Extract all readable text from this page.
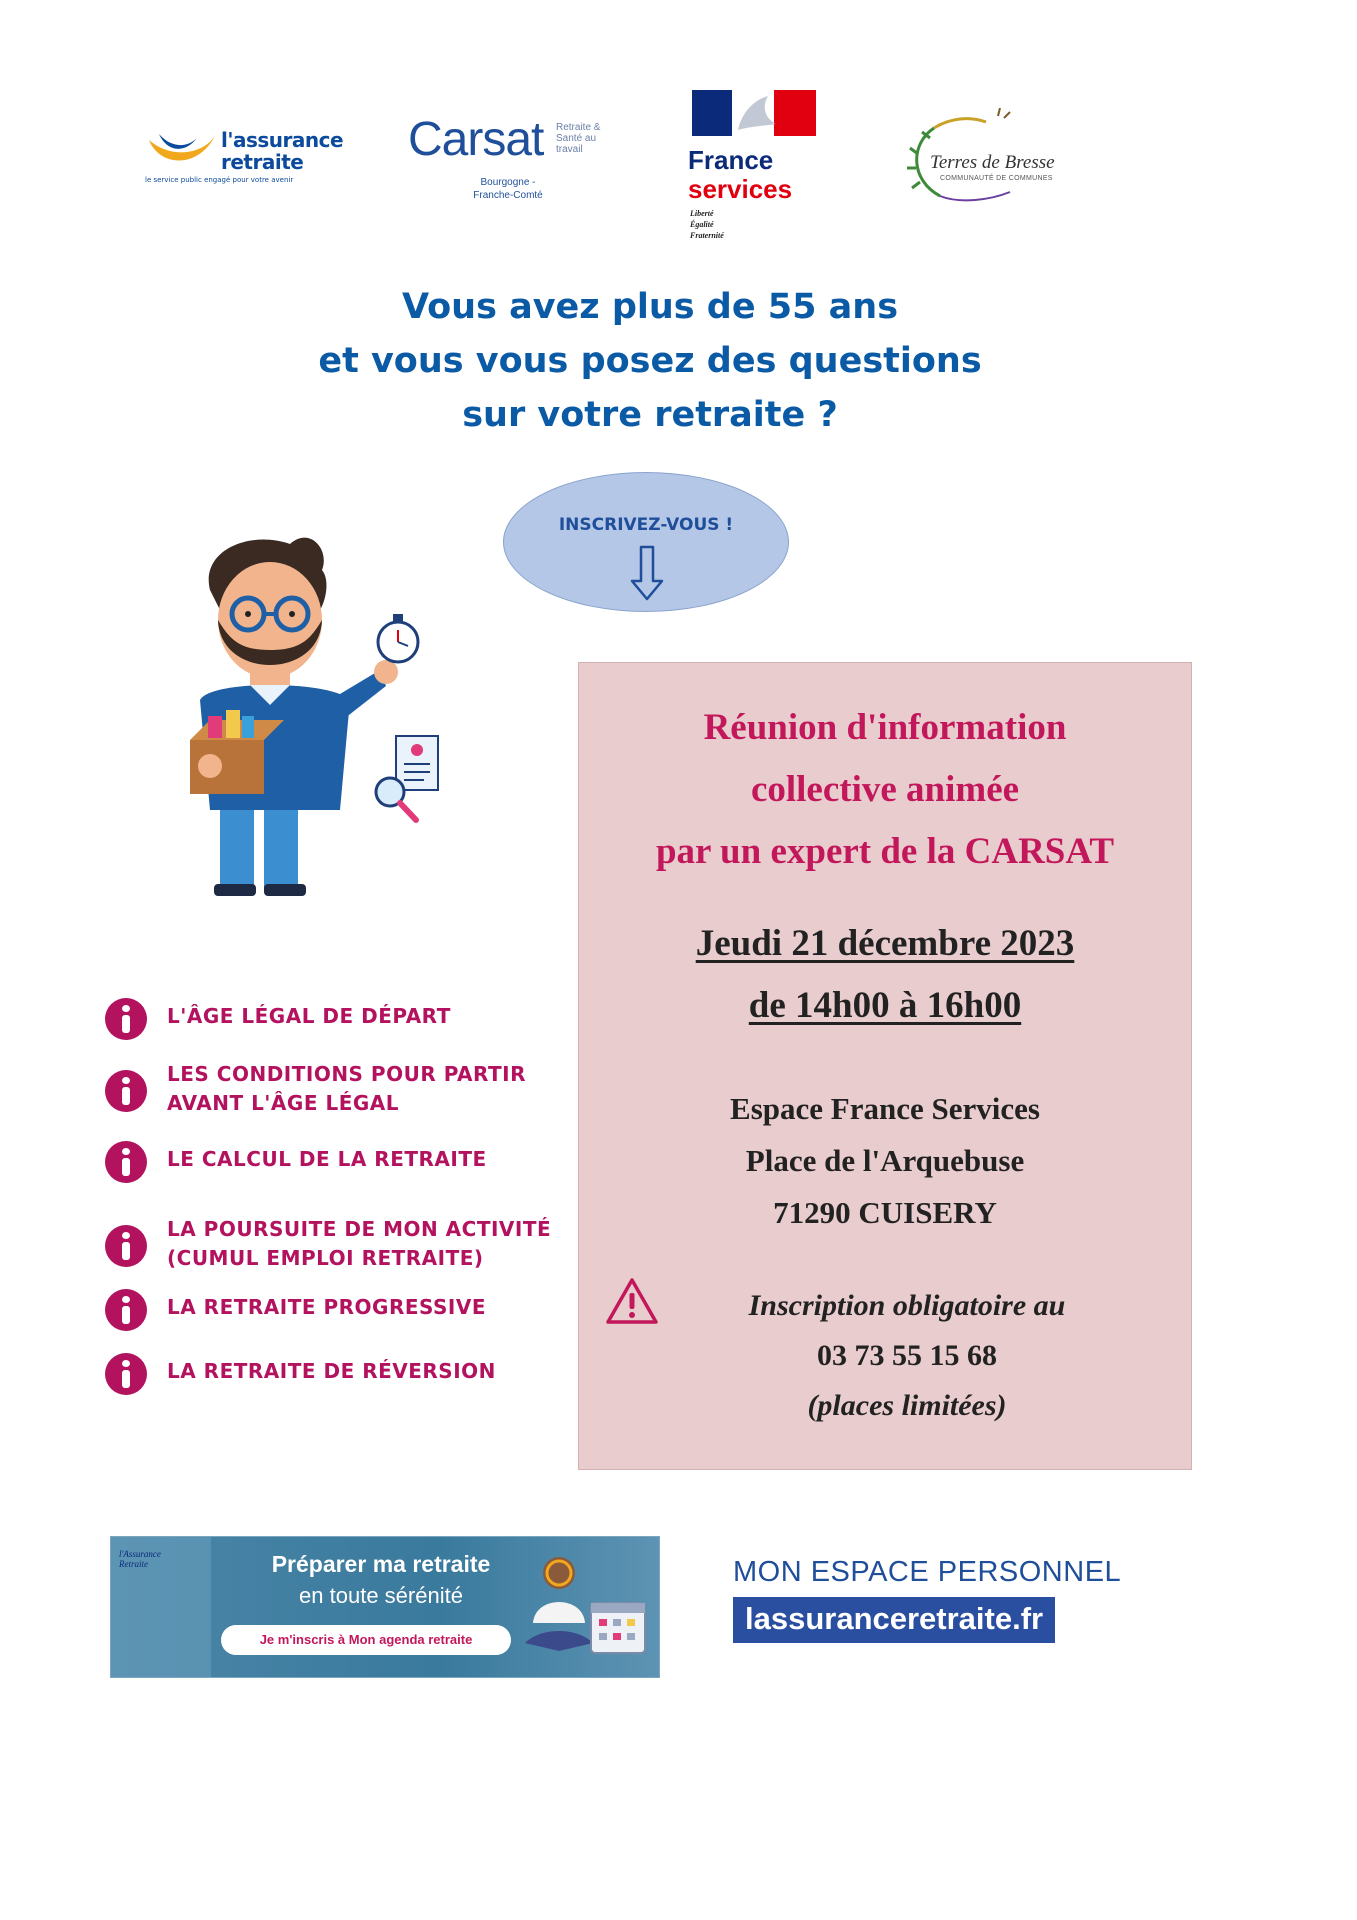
l'assurance
retraite
le service public engagé pour votre avenir
Carsat Retraite & Santé au travail
Bourgogne -
Franche-Comté
France
services
Liberté
Égalité
Fraternité
Terres de Bresse
COMMUNAUTÉ DE COMMUNES
Vous avez plus de 55 ans
et vous vous posez des questions
sur votre retraite ?
INSCRIVEZ-VOUS !
Réunion d'information
collective animée
par un expert de la CARSAT
Jeudi 21 décembre 2023
de 14h00 à 16h00
Espace France Services
Place de l'Arquebuse
71290 CUISERY
Inscription obligatoire au
03 73 55 15 68
(places limitées)
L'ÂGE LÉGAL DE DÉPART
LES CONDITIONS POUR PARTIR
AVANT L'ÂGE LÉGAL
LE CALCUL DE LA RETRAITE
LA POURSUITE DE MON ACTIVITÉ
(CUMUL EMPLOI RETRAITE)
LA RETRAITE PROGRESSIVE
LA RETRAITE DE RÉVERSION
l'Assurance
Retraite	Préparer ma retraite
en toute sérénité
Je m'inscris à Mon agenda retraite
MON ESPACE PERSONNEL
lassuranceretraite.fr
